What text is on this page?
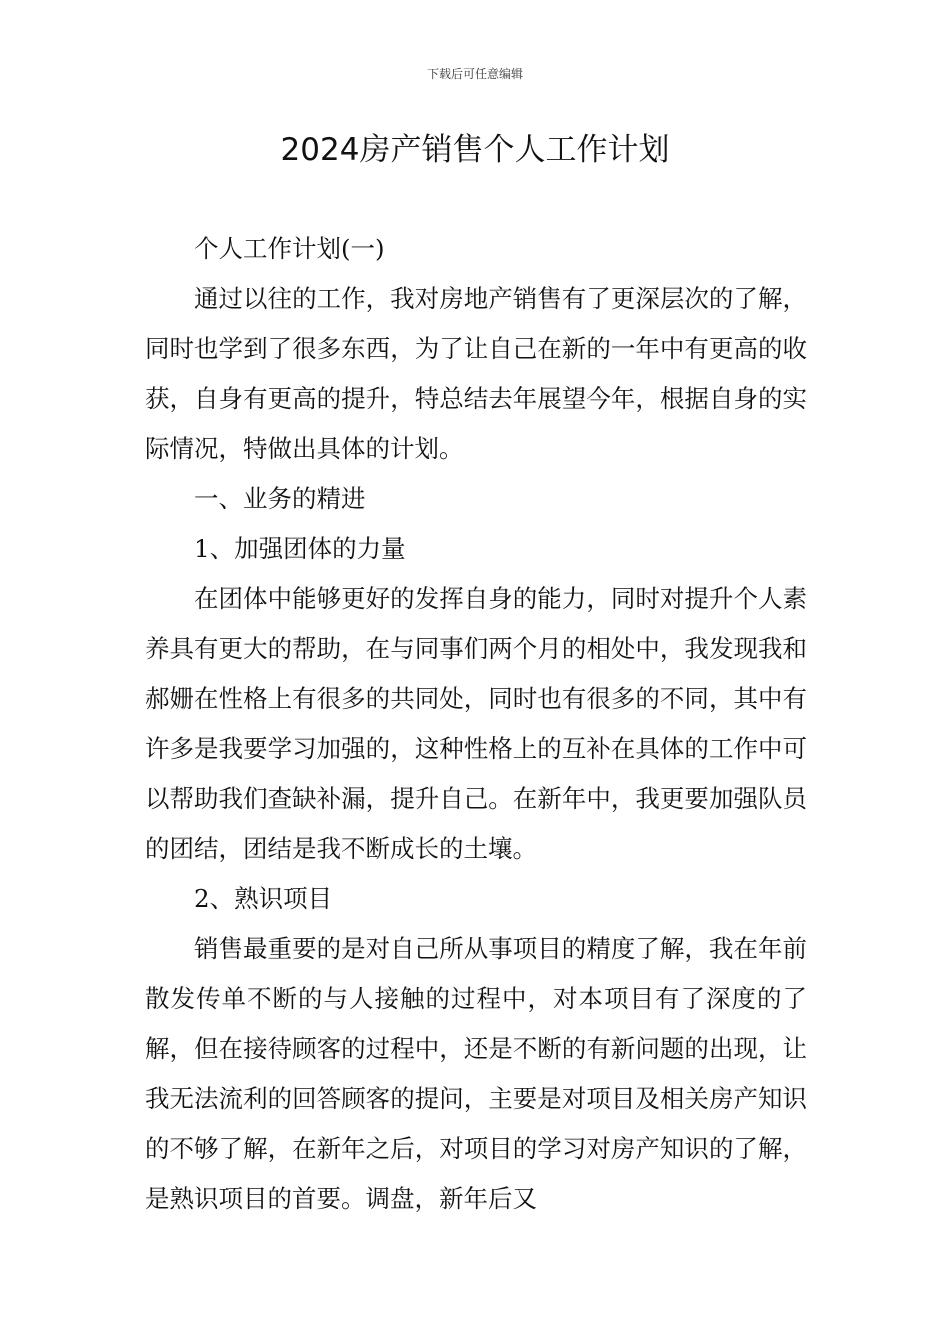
下载后可任意编辑
2024房产销售个人工作计划

个人工作计划(一)

通过以往的工作，我对房地产销售有了更深层次的了解，同时也学到了很多东西，为了让自己在新的一年中有更高的收获，自身有更高的提升，特总结去年展望今年，根据自身的实际情况，特做出具体的计划。

一、业务的精进

1、加强团体的力量

在团体中能够更好的发挥自身的能力，同时对提升个人素养具有更大的帮助，在与同事们两个月的相处中，我发现我和郝姗在性格上有很多的共同处，同时也有很多的不同，其中有许多是我要学习加强的，这种性格上的互补在具体的工作中可以帮助我们查缺补漏，提升自己。在新年中，我更要加强队员的团结，团结是我不断成长的土壤。

2、熟识项目

销售最重要的是对自己所从事项目的精度了解，我在年前散发传单不断的与人接触的过程中，对本项目有了深度的了解，但在接待顾客的过程中，还是不断的有新问题的出现，让我无法流利的回答顾客的提问，主要是对项目及相关房产知识的不够了解，在新年之后，对项目的学习对房产知识的了解，是熟识项目的首要。调盘，新年后又
